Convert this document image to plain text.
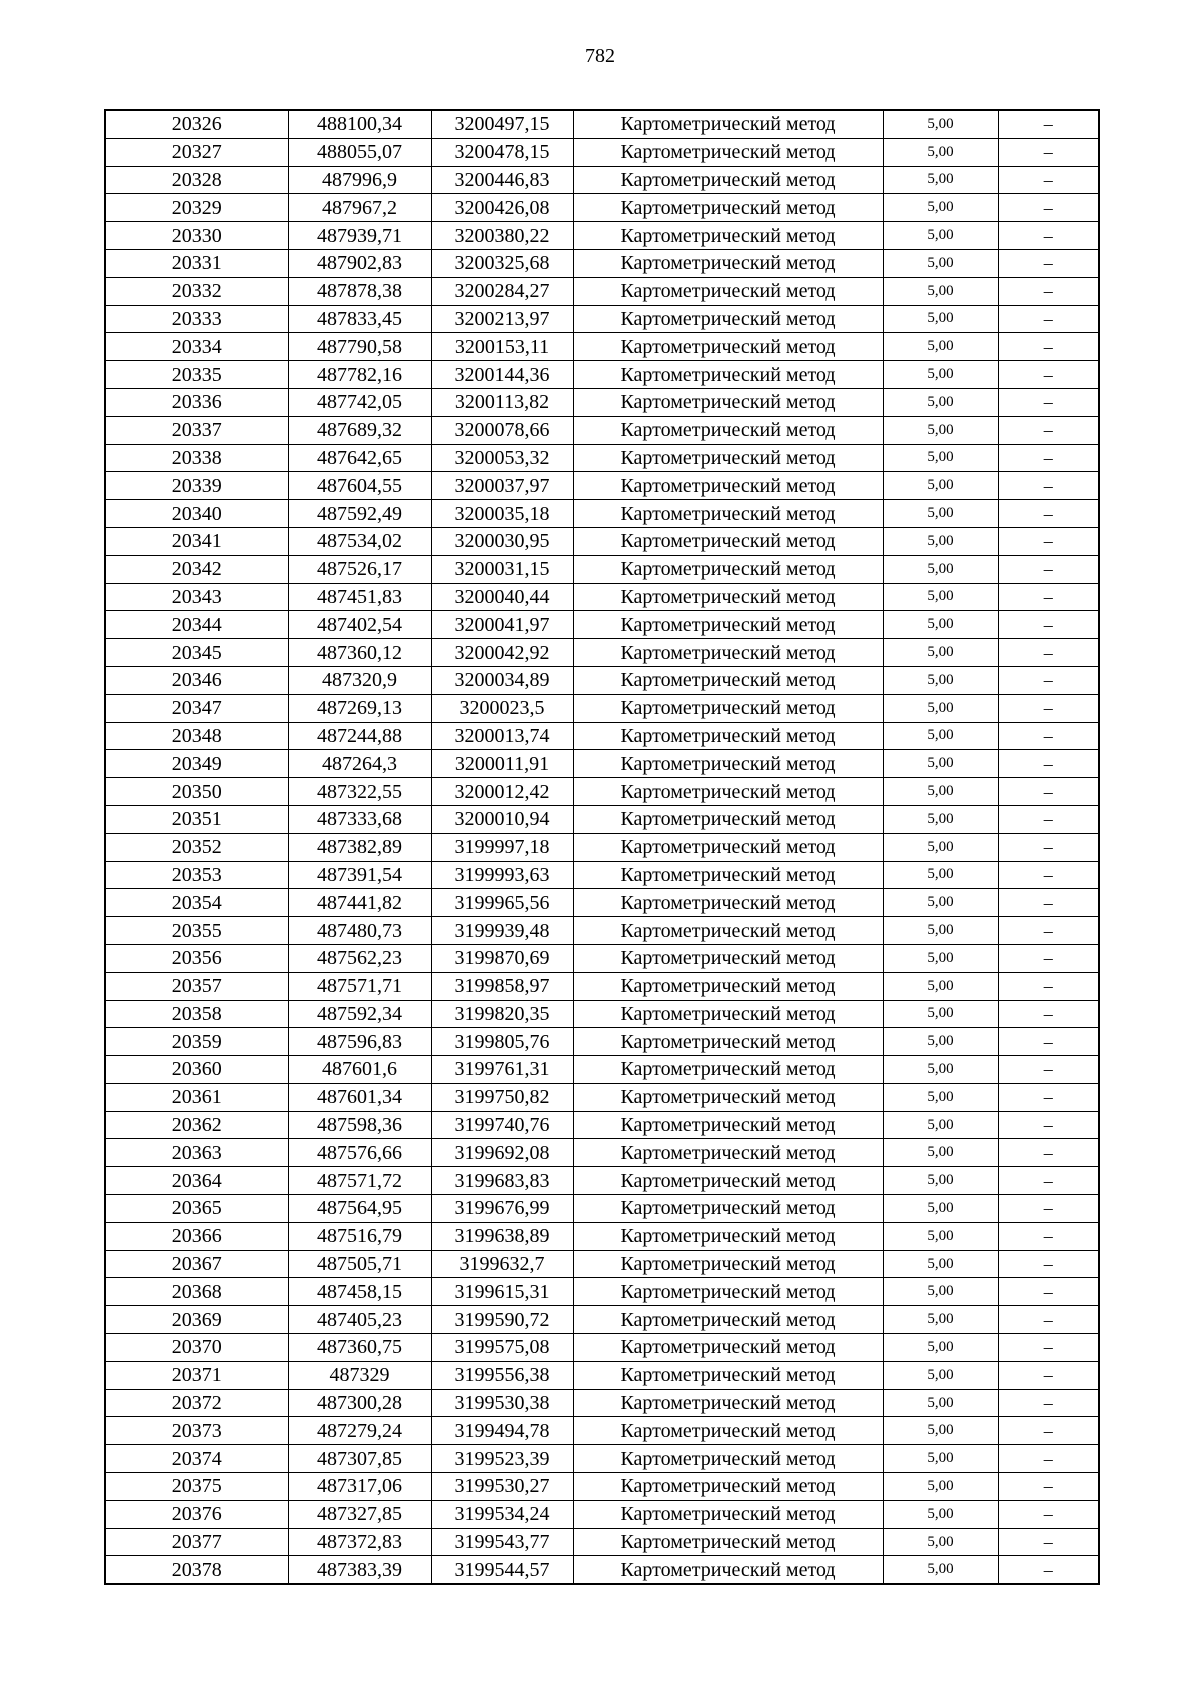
782
20326	488100,34	3200497,15	Картометрический метод	5,00	–
20327	488055,07	3200478,15	Картометрический метод	5,00	–
20328	487996,9	3200446,83	Картометрический метод	5,00	–
20329	487967,2	3200426,08	Картометрический метод	5,00	–
20330	487939,71	3200380,22	Картометрический метод	5,00	–
20331	487902,83	3200325,68	Картометрический метод	5,00	–
20332	487878,38	3200284,27	Картометрический метод	5,00	–
20333	487833,45	3200213,97	Картометрический метод	5,00	–
20334	487790,58	3200153,11	Картометрический метод	5,00	–
20335	487782,16	3200144,36	Картометрический метод	5,00	–
20336	487742,05	3200113,82	Картометрический метод	5,00	–
20337	487689,32	3200078,66	Картометрический метод	5,00	–
20338	487642,65	3200053,32	Картометрический метод	5,00	–
20339	487604,55	3200037,97	Картометрический метод	5,00	–
20340	487592,49	3200035,18	Картометрический метод	5,00	–
20341	487534,02	3200030,95	Картометрический метод	5,00	–
20342	487526,17	3200031,15	Картометрический метод	5,00	–
20343	487451,83	3200040,44	Картометрический метод	5,00	–
20344	487402,54	3200041,97	Картометрический метод	5,00	–
20345	487360,12	3200042,92	Картометрический метод	5,00	–
20346	487320,9	3200034,89	Картометрический метод	5,00	–
20347	487269,13	3200023,5	Картометрический метод	5,00	–
20348	487244,88	3200013,74	Картометрический метод	5,00	–
20349	487264,3	3200011,91	Картометрический метод	5,00	–
20350	487322,55	3200012,42	Картометрический метод	5,00	–
20351	487333,68	3200010,94	Картометрический метод	5,00	–
20352	487382,89	3199997,18	Картометрический метод	5,00	–
20353	487391,54	3199993,63	Картометрический метод	5,00	–
20354	487441,82	3199965,56	Картометрический метод	5,00	–
20355	487480,73	3199939,48	Картометрический метод	5,00	–
20356	487562,23	3199870,69	Картометрический метод	5,00	–
20357	487571,71	3199858,97	Картометрический метод	5,00	–
20358	487592,34	3199820,35	Картометрический метод	5,00	–
20359	487596,83	3199805,76	Картометрический метод	5,00	–
20360	487601,6	3199761,31	Картометрический метод	5,00	–
20361	487601,34	3199750,82	Картометрический метод	5,00	–
20362	487598,36	3199740,76	Картометрический метод	5,00	–
20363	487576,66	3199692,08	Картометрический метод	5,00	–
20364	487571,72	3199683,83	Картометрический метод	5,00	–
20365	487564,95	3199676,99	Картометрический метод	5,00	–
20366	487516,79	3199638,89	Картометрический метод	5,00	–
20367	487505,71	3199632,7	Картометрический метод	5,00	–
20368	487458,15	3199615,31	Картометрический метод	5,00	–
20369	487405,23	3199590,72	Картометрический метод	5,00	–
20370	487360,75	3199575,08	Картометрический метод	5,00	–
20371	487329	3199556,38	Картометрический метод	5,00	–
20372	487300,28	3199530,38	Картометрический метод	5,00	–
20373	487279,24	3199494,78	Картометрический метод	5,00	–
20374	487307,85	3199523,39	Картометрический метод	5,00	–
20375	487317,06	3199530,27	Картометрический метод	5,00	–
20376	487327,85	3199534,24	Картометрический метод	5,00	–
20377	487372,83	3199543,77	Картометрический метод	5,00	–
20378	487383,39	3199544,57	Картометрический метод	5,00	–
